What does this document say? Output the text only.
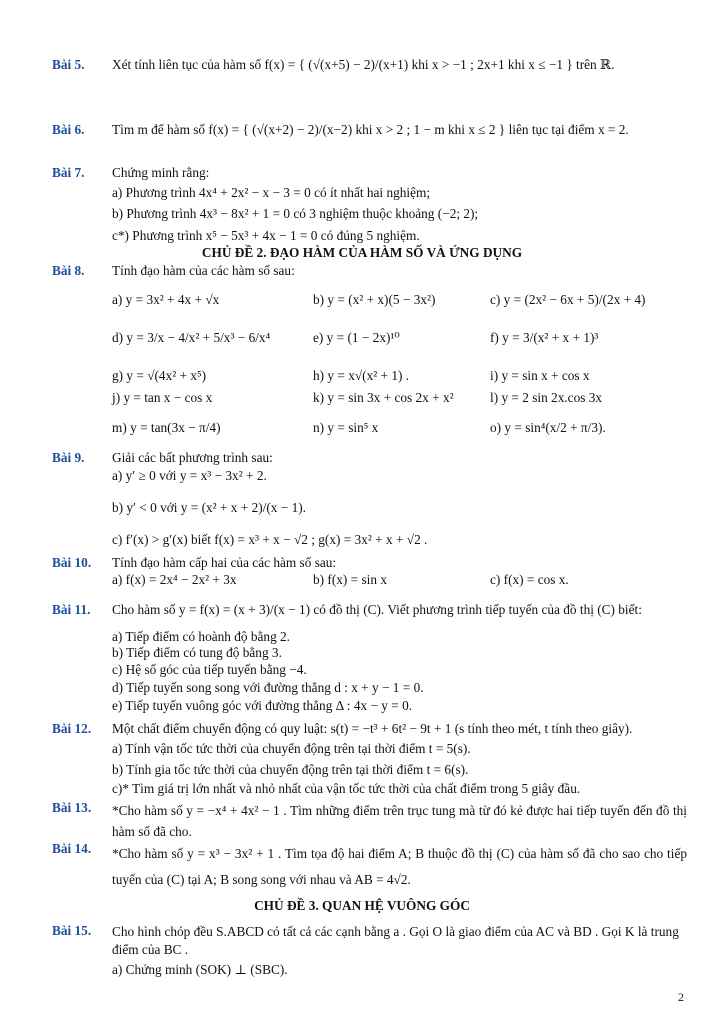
Bài 5. Xét tính liên tục của hàm số f(x) = { (√(x+5) − 2)/(x+1) khi x > −1 ; 2x+1 khi x ≤ −1 } trên ℝ.
Bài 6. Tìm m để hàm số f(x) = { (√(x+2) − 2)/(x−2) khi x > 2 ; 1 − m khi x ≤ 2 } liên tục tại điểm x = 2.
Bài 7. Chứng minh rằng:
a) Phương trình 4x⁴ + 2x² − x − 3 = 0 có ít nhất hai nghiệm;
b) Phương trình 4x³ − 8x² + 1 = 0 có 3 nghiệm thuộc khoảng (−2; 2);
c*) Phương trình x⁵ − 5x³ + 4x − 1 = 0 có đúng 5 nghiệm.
CHỦ ĐỀ 2. ĐẠO HÀM CỦA HÀM SỐ VÀ ỨNG DỤNG
Bài 8. Tính đạo hàm của các hàm số sau:
a) y = 3x² + 4x + √x	b) y = (x² + x)(5 − 3x²)	c) y = (2x² − 6x + 5)/(2x + 4)
d) y = 3/x − 4/x² + 5/x³ − 6/x⁴	e) y = (1 − 2x)¹⁰	f) y = 3/(x² + x + 1)³
g) y = √(4x² + x⁵)	h) y = x√(x² + 1) .	i) y = sin x + cos x
j) y = tan x − cos x	k) y = sin 3x + cos 2x + x²	l) y = 2 sin 2x.cos 3x
m) y = tan(3x − π/4)	n) y = sin⁵ x	o) y = sin⁴(x/2 + π/3).
Bài 9. Giải các bất phương trình sau:
a) y′ ≥ 0 với y = x³ − 3x² + 2.
b) y′ < 0 với y = (x² + x + 2)/(x − 1).
c) f′(x) > g′(x) biết f(x) = x³ + x − √2 ; g(x) = 3x² + x + √2 .
Bài 10. Tính đạo hàm cấp hai của các hàm số sau:
a) f(x) = 2x⁴ − 2x² + 3x	b) f(x) = sin x	c) f(x) = cos x.
Bài 11. Cho hàm số y = f(x) = (x + 3)/(x − 1) có đồ thị (C). Viết phương trình tiếp tuyến của đồ thị (C) biết:
a) Tiếp điểm có hoành độ bằng 2.
b) Tiếp điểm có tung độ bằng 3.
c) Hệ số góc của tiếp tuyến bằng −4.
d) Tiếp tuyến song song với đường thẳng d : x + y − 1 = 0.
e) Tiếp tuyến vuông góc với đường thẳng Δ : 4x − y = 0.
Bài 12. Một chất điểm chuyển động có quy luật: s(t) = −t³ + 6t² − 9t + 1 (s tính theo mét, t tính theo giây).
a) Tính vận tốc tức thời của chuyển động trên tại thời điểm t = 5(s).
b) Tính gia tốc tức thời của chuyển động trên tại thời điểm t = 6(s).
c)* Tìm giá trị lớn nhất và nhỏ nhất của vận tốc tức thời của chất điểm trong 5 giây đầu.
Bài 13. *Cho hàm số y = −x⁴ + 4x² − 1 . Tìm những điểm trên trục tung mà từ đó kẻ được hai tiếp tuyến đến đồ thị hàm số đã cho.
Bài 14. *Cho hàm số y = x³ − 3x² + 1 . Tìm tọa độ hai điểm A; B thuộc đồ thị (C) của hàm số đã cho sao cho tiếp tuyến của (C) tại A; B song song với nhau và AB = 4√2.
CHỦ ĐỀ 3. QUAN HỆ VUÔNG GÓC
Bài 15. Cho hình chóp đều S.ABCD có tất cả các cạnh bằng a . Gọi O là giao điểm của AC và BD . Gọi K là trung điểm của BC .
a) Chứng minh (SOK) ⊥ (SBC).
2
